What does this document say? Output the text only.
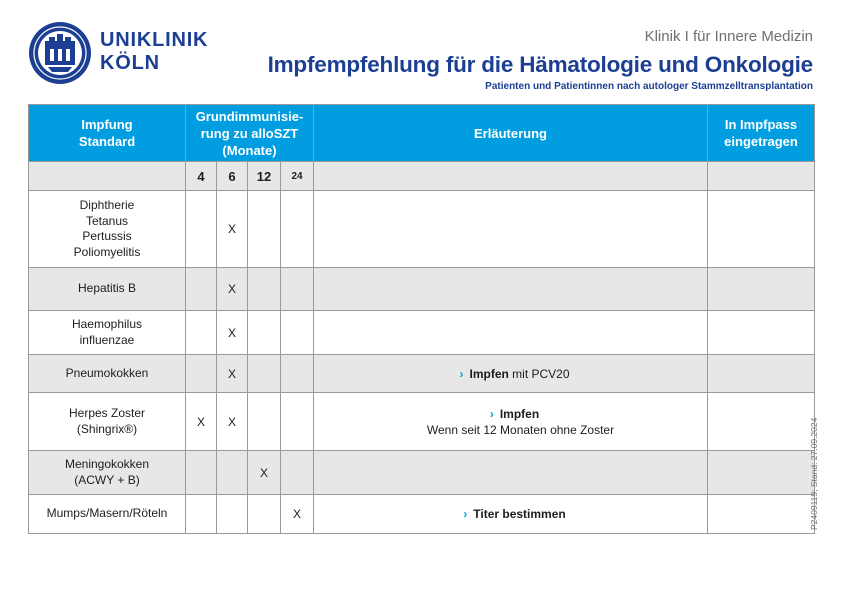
UNIKLINIK
KÖLN
Klinik I für Innere Medizin
Impfempfehlung für die Hämatologie und Onkologie
Patienten und Patientinnen nach autologer Stammzelltransplantation
Impfung
Standard	Grundimmunisie-
rung zu alloSZT
(Monate)				Erläuterung	In Impfpass
eingetragen
	4	6	12	24		
Diphtherie
Tetanus
Pertussis
Poliomyelitis		X				
Hepatitis B		X				
Haemophilus
influenzae		X				
Pneumokokken		X			› Impfen mit PCV20	
Herpes Zoster
(Shingrix®)	X	X			› Impfen
Wenn seit 12 Monaten ohne Zoster	

Meningokokken
(ACWY + B)			X			
Mumps/Masern/Röteln				X	› Titer bestimmen		P2409119; Stand: 27.09.2024
